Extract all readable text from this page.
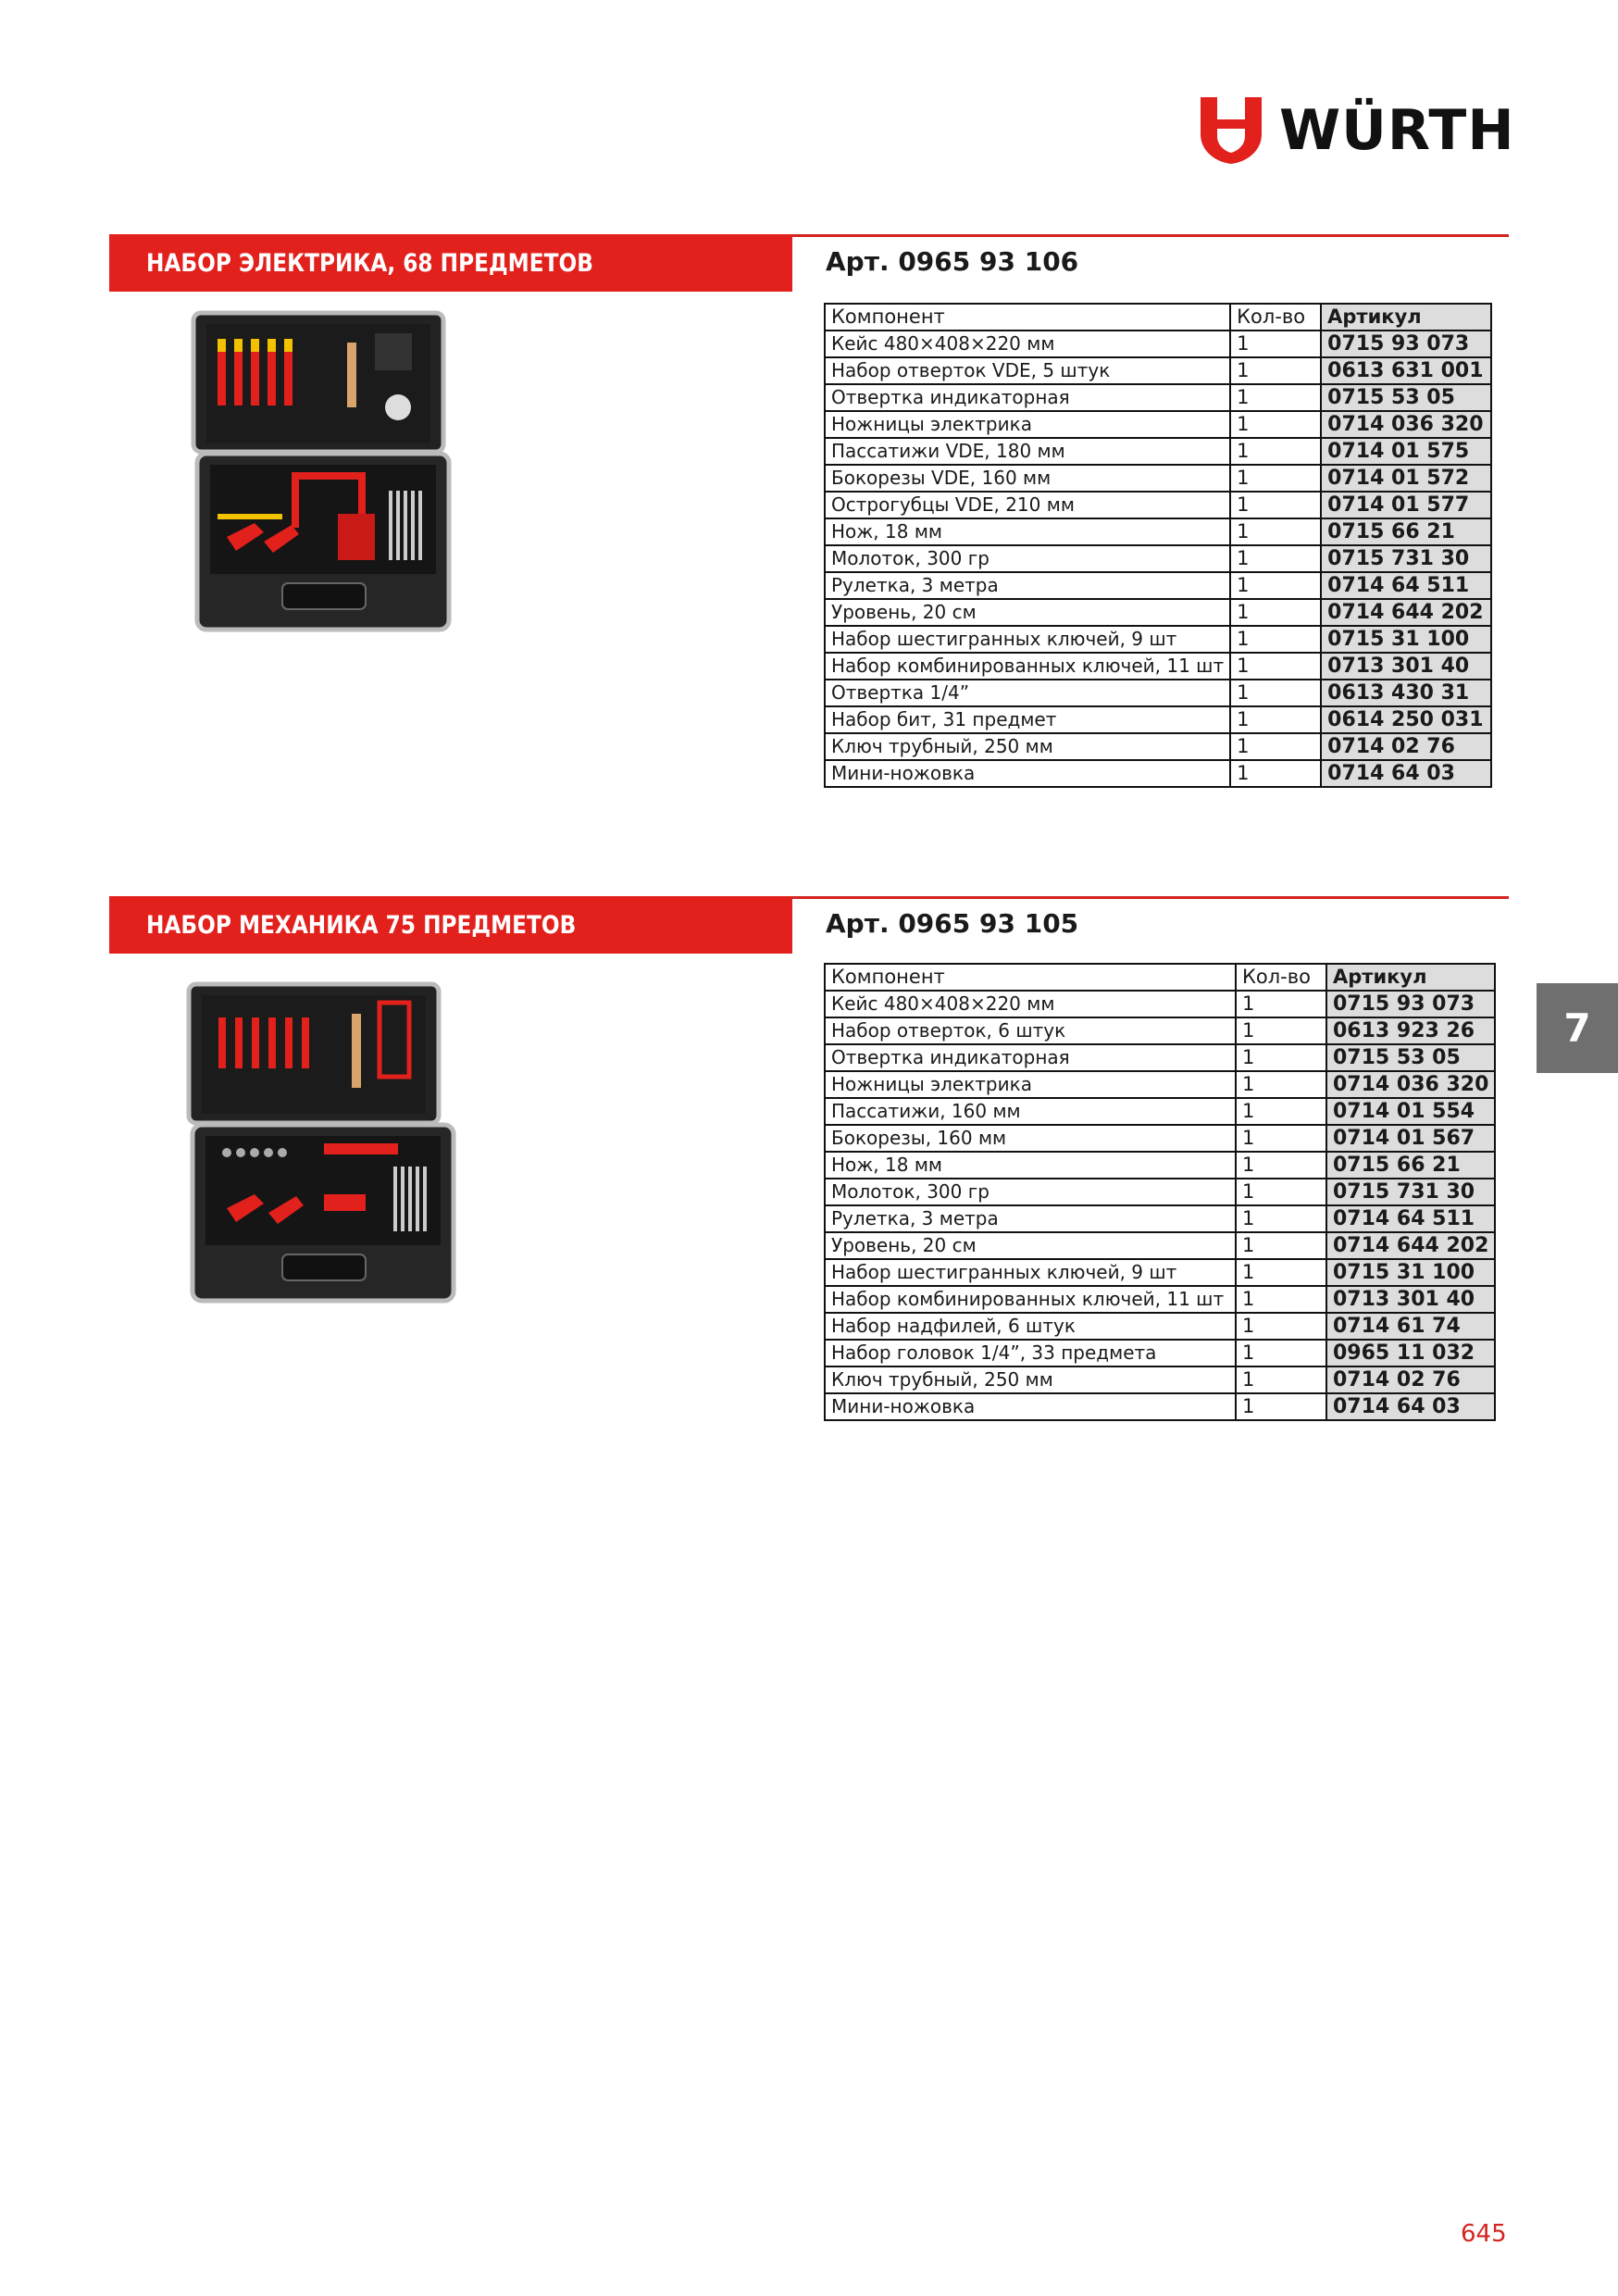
WÜRTH
НАБОР ЭЛЕКТРИКА, 68 ПРЕДМЕТОВ	Арт. 0965 93 106
Компонент	Кол-во	Артикул
Кейс 480×408×220 мм	1	0715 93 073
Набор отверток VDE, 5 штук	1	0613 631 001
Отвертка индикаторная	1	0715 53 05
Ножницы электрика	1	0714 036 320
Пассатижи VDE, 180 мм	1	0714 01 575
Бокорезы VDE, 160 мм	1	0714 01 572
Острогубцы VDE, 210 мм	1	0714 01 577
Нож, 18 мм	1	0715 66 21
Молоток, 300 гр	1	0715 731 30
Рулетка, 3 метра	1	0714 64 511
Уровень, 20 см	1	0714 644 202
Набор шестигранных ключей, 9 шт	1	0715 31 100
Набор комбинированных ключей, 11 шт	1	0713 301 40
Отвертка 1/4”	1	0613 430 31
Набор бит, 31 предмет	1	0614 250 031
Ключ трубный, 250 мм	1	0714 02 76
Мини-ножовка	1	0714 64 03
НАБОР МЕХАНИКА 75 ПРЕДМЕТОВ	Арт. 0965 93 105
Компонент	Кол-во	Артикул
Кейс 480×408×220 мм	1	0715 93 073
Набор отверток, 6 штук	1	0613 923 26
Отвертка индикаторная	1	0715 53 05
Ножницы электрика	1	0714 036 320
Пассатижи, 160 мм	1	0714 01 554
Бокорезы, 160 мм	1	0714 01 567
Нож, 18 мм	1	0715 66 21
Молоток, 300 гр	1	0715 731 30
Рулетка, 3 метра	1	0714 64 511
Уровень, 20 см	1	0714 644 202
Набор шестигранных ключей, 9 шт	1	0715 31 100
Набор комбинированных ключей, 11 шт	1	0713 301 40
Набор надфилей, 6 штук	1	0714 61 74
Набор головок 1/4”, 33 предмета	1	0965 11 032
Ключ трубный, 250 мм	1	0714 02 76
Мини-ножовка	1	0714 64 03
7
645
